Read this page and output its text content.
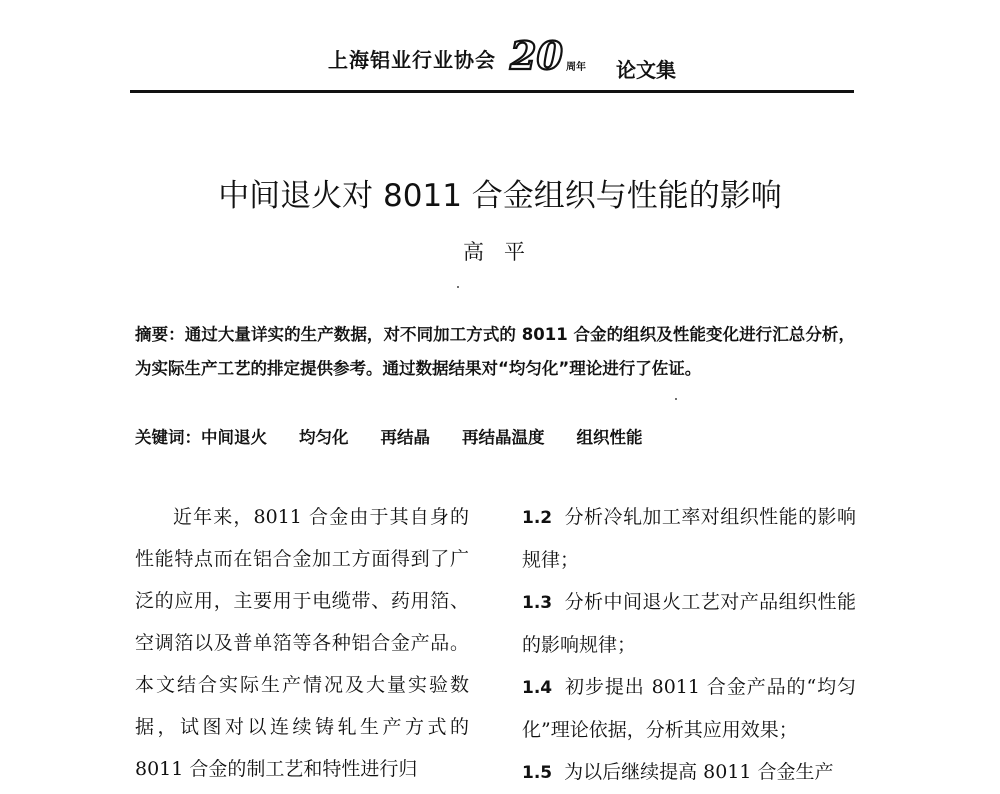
上海铝业行业协会 20 周年 论文集
中间退火对 8011 合金组织与性能的影响
高平
摘要：通过大量详实的生产数据，对不同加工方式的 8011 合金的组织及性能变化进行汇总分析，为实际生产工艺的排定提供参考。通过数据结果对“均匀化”理论进行了佐证。
关键词：中间退火 均匀化 再结晶 再结晶温度 组织性能

近年来，8011 合金由于其自身的性能特点而在铝合金加工方面得到了广泛的应用，主要用于电缆带、药用箔、空调箔以及普单箔等各种铝合金产品。本文结合实际生产情况及大量实验数据，试图对以连续铸轧生产方式的 8011 合金的制工艺和特性进行归

1.2 分析冷轧加工率对组织性能的影响规律；

1.3 分析中间退火工艺对产品组织性能的影响规律；

1.4 初步提出 8011 合金产品的“均匀化”理论依据，分析其应用效果；

1.5 为以后继续提高 8011 合金生产
